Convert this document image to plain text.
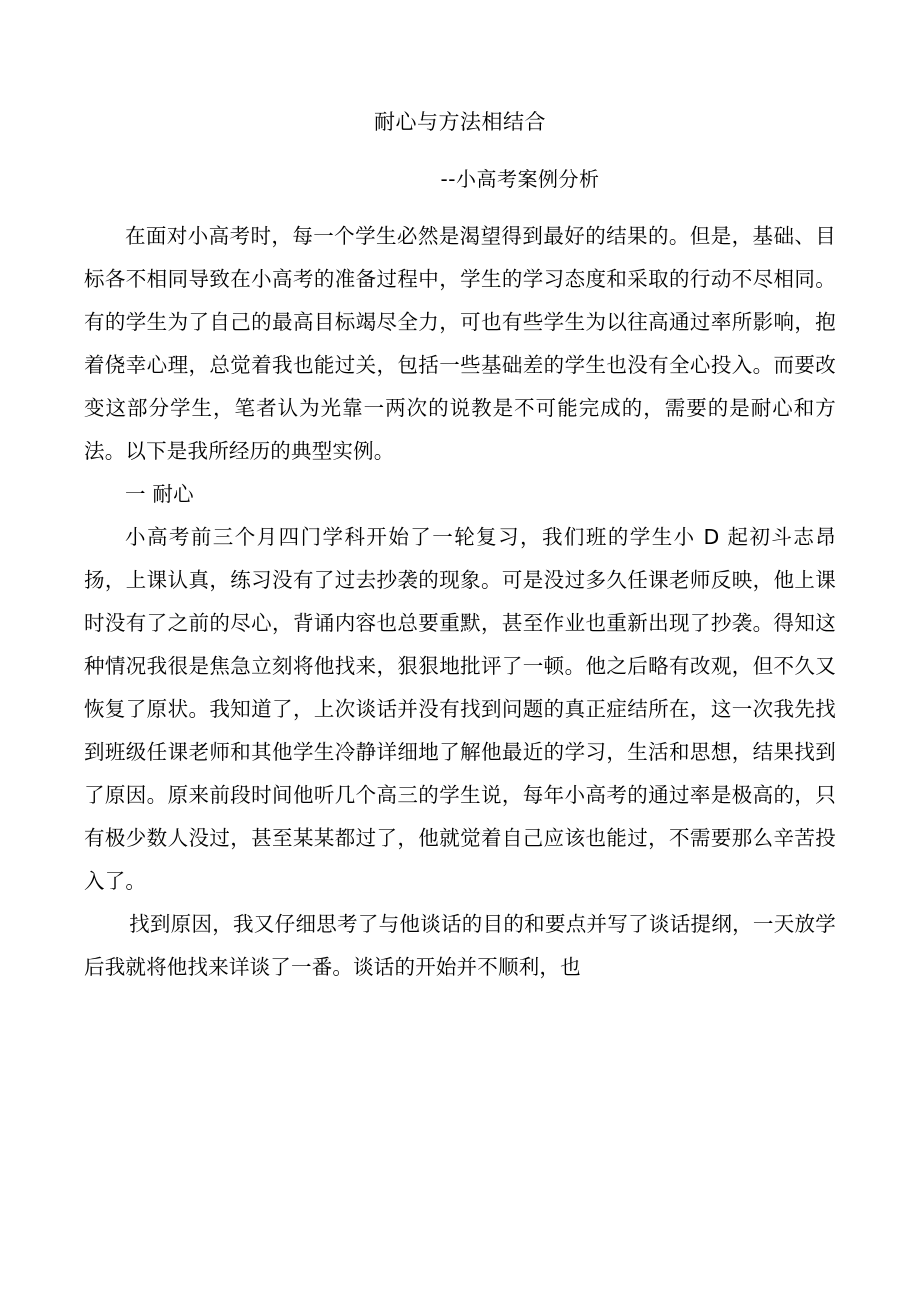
耐心与方法相结合
--小高考案例分析

在面对小高考时，每一个学生必然是渴望得到最好的结果的。但是，基础、目标各不相同导致在小高考的准备过程中，学生的学习态度和采取的行动不尽相同。有的学生为了自己的最高目标竭尽全力，可也有些学生为以往高通过率所影响，抱着侥幸心理，总觉着我也能过关，包括一些基础差的学生也没有全心投入。而要改变这部分学生，笔者认为光靠一两次的说教是不可能完成的，需要的是耐心和方法。以下是我所经历的典型实例。

一 耐心

小高考前三个月四门学科开始了一轮复习，我们班的学生小 D 起初斗志昂扬，上课认真，练习没有了过去抄袭的现象。可是没过多久任课老师反映，他上课时没有了之前的尽心，背诵内容也总要重默，甚至作业也重新出现了抄袭。得知这种情况我很是焦急立刻将他找来，狠狠地批评了一顿。他之后略有改观，但不久又恢复了原状。我知道了，上次谈话并没有找到问题的真正症结所在，这一次我先找到班级任课老师和其他学生冷静详细地了解他最近的学习，生活和思想，结果找到了原因。原来前段时间他听几个高三的学生说，每年小高考的通过率是极高的，只有极少数人没过，甚至某某都过了，他就觉着自己应该也能过，不需要那么辛苦投入了。

找到原因，我又仔细思考了与他谈话的目的和要点并写了谈话提纲，一天放学后我就将他找来详谈了一番。谈话的开始并不顺利，也
